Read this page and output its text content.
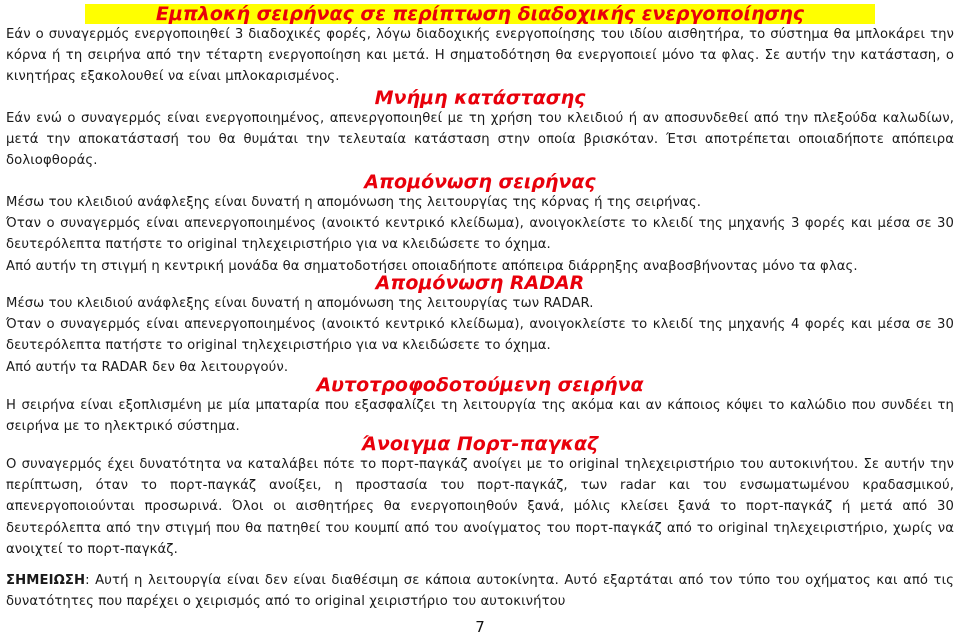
Εμπλοκή σειρήνας σε περίπτωση διαδοχικής ενεργοποίησης
Εάν ο συναγερμός ενεργοποιηθεί 3 διαδοχικές φορές, λόγω διαδοχικής ενεργοποίησης του ιδίου αισθητήρα, το σύστημα θα μπλοκάρει την κόρνα ή τη σειρήνα από την τέταρτη ενεργοποίηση και μετά. Η σηματοδότηση θα ενεργοποιεί μόνο τα φλας. Σε αυτήν την κατάσταση, ο κινητήρας εξακολουθεί να είναι μπλοκαρισμένος.
Μνήμη κατάστασης
Εάν ενώ ο συναγερμός είναι ενεργοποιημένος, απενεργοποιηθεί με τη χρήση του κλειδιού ή αν αποσυνδεθεί από την πλεξούδα καλωδίων, μετά την αποκατάστασή του θα θυμάται την τελευταία κατάσταση στην οποία βρισκόταν. Έτσι αποτρέπεται οποιαδήποτε απόπειρα δολιοφθοράς.
Απομόνωση σειρήνας
Μέσω του κλειδιού ανάφλεξης είναι δυνατή η απομόνωση της λειτουργίας της κόρνας ή της σειρήνας.
Όταν ο συναγερμός είναι απενεργοποιημένος (ανοικτό κεντρικό κλείδωμα), ανοιγοκλείστε το κλειδί της μηχανής 3 φορές και μέσα σε 30 δευτερόλεπτα πατήστε το original τηλεχειριστήριο για να κλειδώσετε το όχημα.
Από αυτήν τη στιγμή η κεντρική μονάδα θα σηματοδοτήσει οποιαδήποτε απόπειρα διάρρηξης αναβοσβήνοντας μόνο τα φλας.
Απομόνωση RADAR
Μέσω του κλειδιού ανάφλεξης είναι δυνατή η απομόνωση της λειτουργίας των RADAR.
Όταν ο συναγερμός είναι απενεργοποιημένος (ανοικτό κεντρικό κλείδωμα), ανοιγοκλείστε το κλειδί της μηχανής 4 φορές και μέσα σε 30 δευτερόλεπτα πατήστε το original τηλεχειριστήριο για να κλειδώσετε το όχημα.
Από αυτήν τα RADAR δεν θα λειτουργούν.
Αυτοτροφοδοτούμενη σειρήνα
Η σειρήνα είναι εξοπλισμένη με μία μπαταρία που εξασφαλίζει τη λειτουργία της ακόμα και αν κάποιος κόψει το καλώδιο που συνδέει τη σειρήνα με το ηλεκτρικό σύστημα.
Άνοιγμα Πορτ-παγκαζ
Ο συναγερμός έχει δυνατότητα να καταλάβει πότε το πορτ-παγκάζ ανοίγει με το original τηλεχειριστήριο του αυτοκινήτου. Σε αυτήν την περίπτωση, όταν το πορτ-παγκάζ ανοίξει, η προστασία του πορτ-παγκάζ, των radar και του ενσωματωμένου κραδασμικού, απενεργοποιούνται προσωρινά. Όλοι οι αισθητήρες θα ενεργοποιηθούν ξανά, μόλις κλείσει ξανά το πορτ-παγκάζ ή μετά από 30 δευτερόλεπτα από την στιγμή που θα πατηθεί του κουμπί από του ανοίγματος του πορτ-παγκάζ από το original τηλεχειριστήριο, χωρίς να ανοιχτεί το πορτ-παγκάζ.
ΣΗΜΕΙΩΣΗ: Αυτή η λειτουργία είναι δεν είναι διαθέσιμη σε κάποια αυτοκίνητα. Αυτό εξαρτάται από τον τύπο του οχήματος και από τις δυνατότητες που παρέχει ο χειρισμός από το original χειριστήριο του αυτοκινήτου
7
